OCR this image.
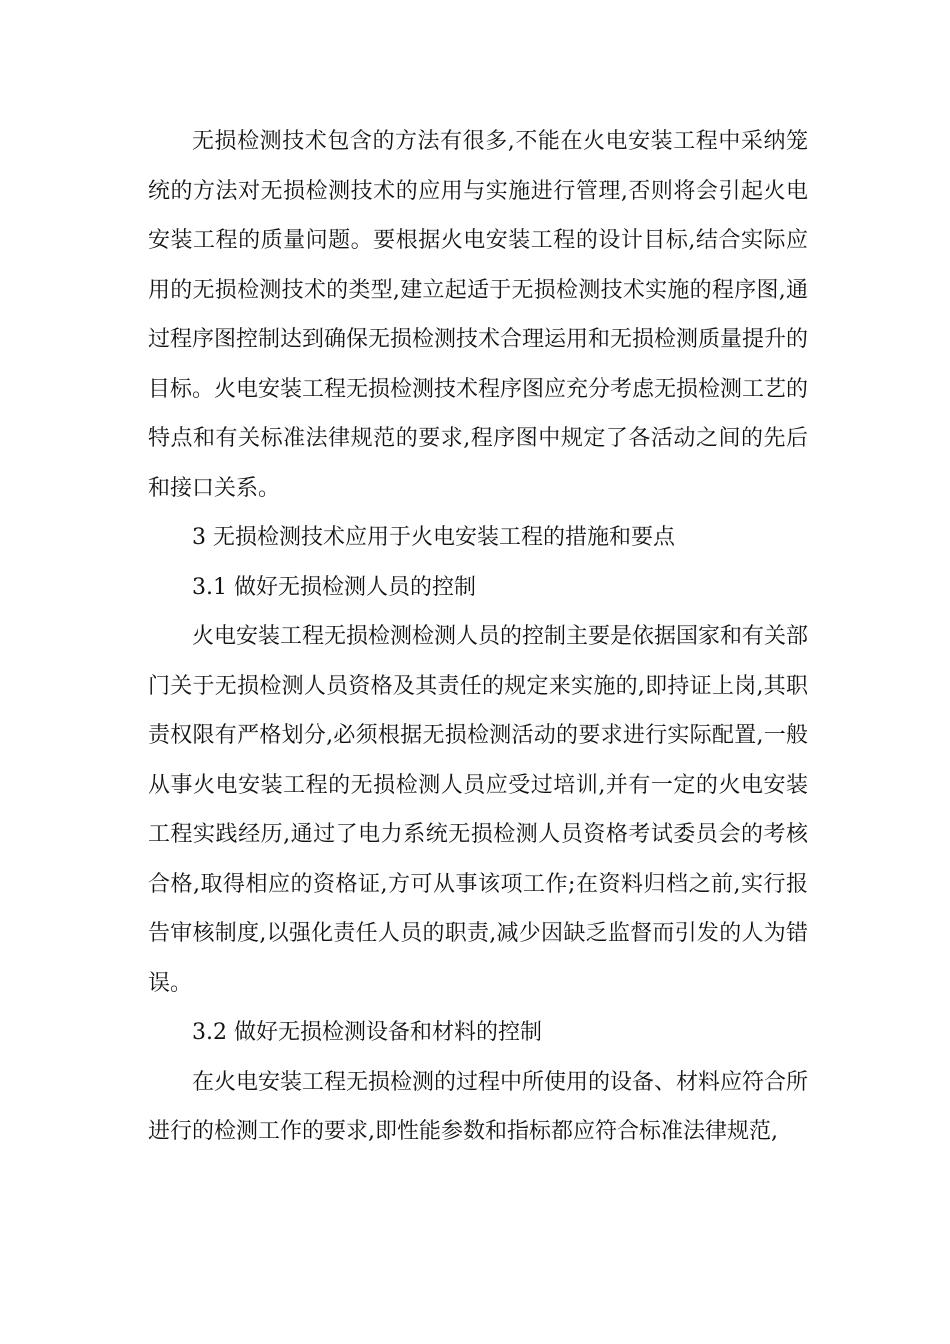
无损检测技术包含的方法有很多,不能在火电安装工程中采纳笼统的方法对无损检测技术的应用与实施进行管理,否则将会引起火电安装工程的质量问题。要根据火电安装工程的设计目标,结合实际应用的无损检测技术的类型,建立起适于无损检测技术实施的程序图,通过程序图控制达到确保无损检测技术合理运用和无损检测质量提升的目标。火电安装工程无损检测技术程序图应充分考虑无损检测工艺的特点和有关标准法律规范的要求,程序图中规定了各活动之间的先后和接口关系。

3 无损检测技术应用于火电安装工程的措施和要点

3.1 做好无损检测人员的控制

火电安装工程无损检测检测人员的控制主要是依据国家和有关部门关于无损检测人员资格及其责任的规定来实施的,即持证上岗,其职责权限有严格划分,必须根据无损检测活动的要求进行实际配置,一般从事火电安装工程的无损检测人员应受过培训,并有一定的火电安装工程实践经历,通过了电力系统无损检测人员资格考试委员会的考核合格,取得相应的资格证,方可从事该项工作;在资料归档之前,实行报告审核制度,以强化责任人员的职责,减少因缺乏监督而引发的人为错误。

3.2 做好无损检测设备和材料的控制

在火电安装工程无损检测的过程中所使用的设备、材料应符合所进行的检测工作的要求,即性能参数和指标都应符合标准法律规范,
